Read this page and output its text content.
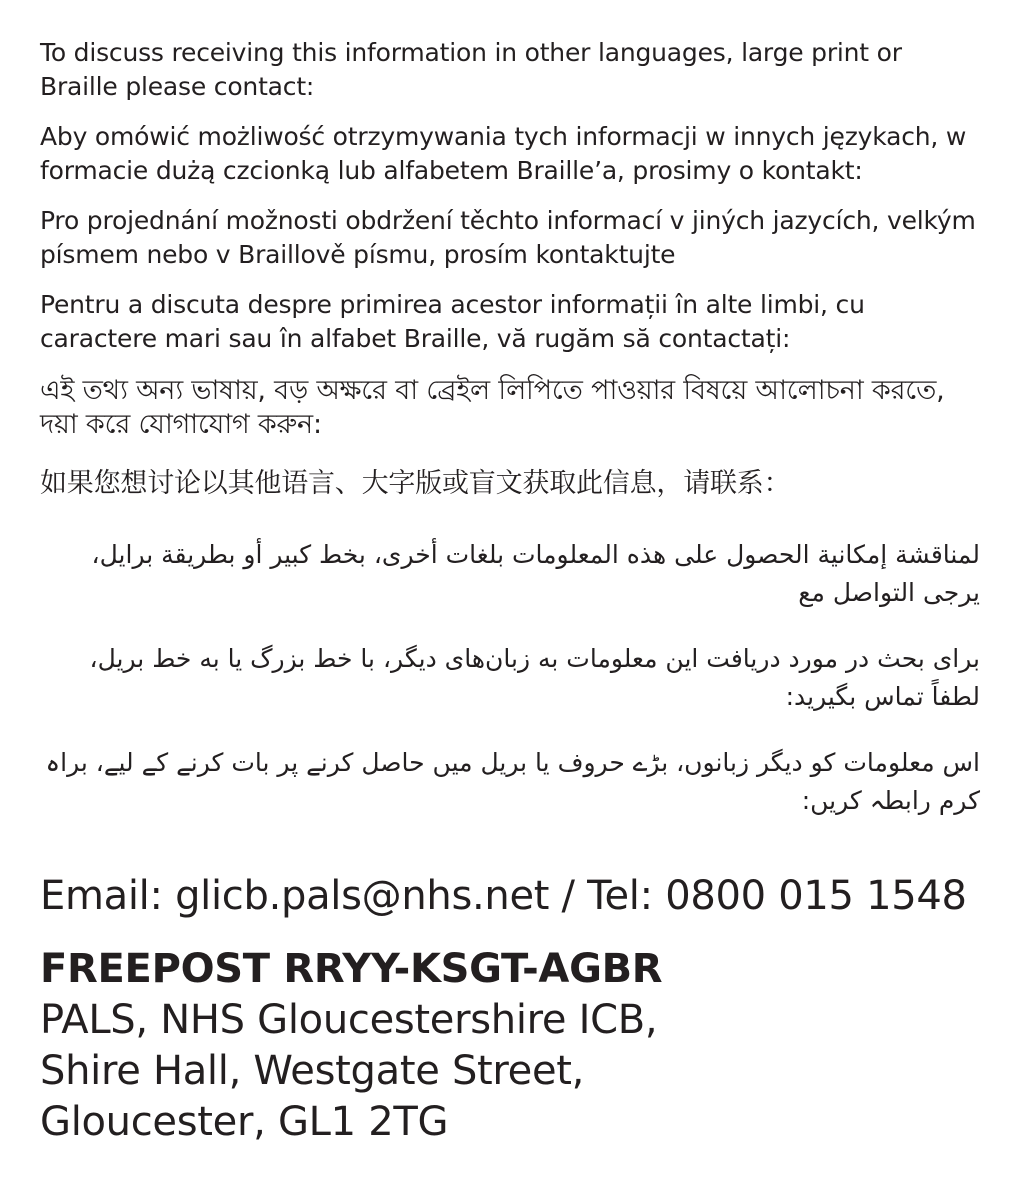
To discuss receiving this information in other languages, large print or Braille please contact:

Aby omówić możliwość otrzymywania tych informacji w innych językach, w formacie dużą czcionką lub alfabetem Braille’a, prosimy o kontakt:

Pro projednání možnosti obdržení těchto informací v jiných jazycích, velkým písmem nebo v Braillově písmu, prosím kontaktujte

Pentru a discuta despre primirea acestor informații în alte limbi, cu caractere mari sau în alfabet Braille, vă rugăm să contactați:

এই তথ্য অন্য ভাষায়, বড় অক্ষরে বা ব্রেইল লিপিতে পাওয়ার বিষয়ে আলোচনা করতে, দয়া করে যোগাযোগ করুন:

如果您想讨论以其他语言、大字版或盲文获取此信息，请联系：

لمناقشة إمكانية الحصول على هذه المعلومات بلغات أخرى، بخط كبير أو بطريقة برايل، يرجى التواصل مع

برای بحث در مورد دریافت این معلومات به زبان‌های دیگر، با خط بزرگ یا به خط بریل، لطفاً تماس بگیرید:

اس معلومات کو دیگر زبانوں، بڑے حروف یا بریل میں حاصل کرنے پر بات کرنے کے لیے، براہ کرم رابطہ کریں:

Email: glicb.pals@nhs.net / Tel: 0800 015 1548

FREEPOST RRYY-KSGT-AGBR
PALS, NHS Gloucestershire ICB,
Shire Hall, Westgate Street,
Gloucester, GL1 2TG
